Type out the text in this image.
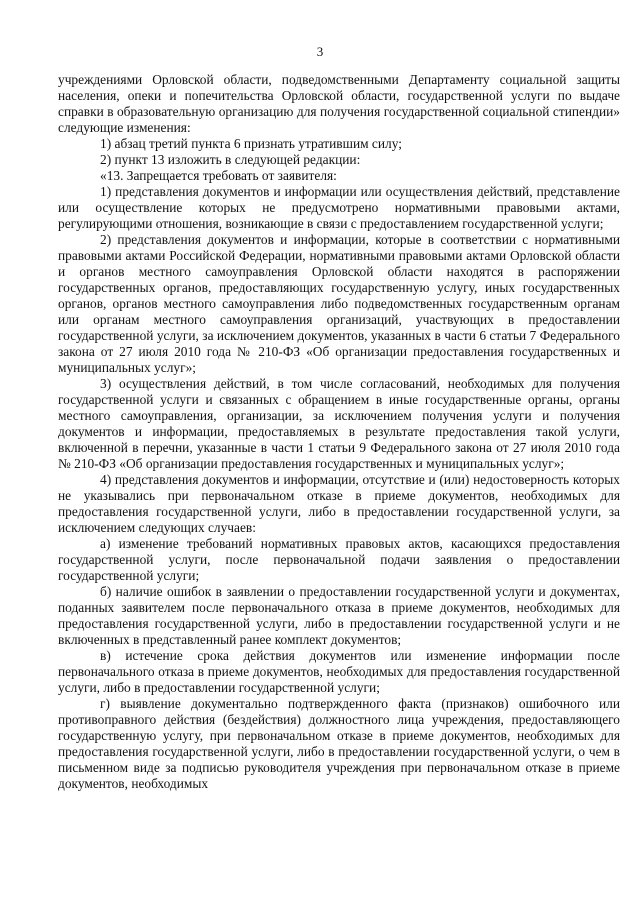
3

учреждениями Орловской области, подведомственными Департаменту социальной защиты населения, опеки и попечительства Орловской области, государственной услуги по выдаче справки в образовательную организацию для получения государственной социальной стипендии» следующие изменения:

1) абзац третий пункта 6 признать утратившим силу;

2) пункт 13 изложить в следующей редакции:

«13. Запрещается требовать от заявителя:

1) представления документов и информации или осуществления действий, представление или осуществление которых не предусмотрено нормативными правовыми актами, регулирующими отношения, возникающие в связи с предоставлением государственной услуги;

2) представления документов и информации, которые в соответствии с нормативными правовыми актами Российской Федерации, нормативными правовыми актами Орловской области и органов местного самоуправления Орловской области находятся в распоряжении государственных органов, предоставляющих государственную услугу, иных государственных органов, органов местного самоуправления либо подведомственных государственным органам или органам местного самоуправления организаций, участвующих в предоставлении государственной услуги, за исключением документов, указанных в части 6 статьи 7 Федерального закона от 27 июля 2010 года № 210-ФЗ «Об организации предоставления государственных и муниципальных услуг»;

3) осуществления действий, в том числе согласований, необходимых для получения государственной услуги и связанных с обращением в иные государственные органы, органы местного самоуправления, организации, за исключением получения услуги и получения документов и информации, предоставляемых в результате предоставления такой услуги, включенной в перечни, указанные в части 1 статьи 9 Федерального закона от 27 июля 2010 года № 210-ФЗ «Об организации предоставления государственных и муниципальных услуг»;

4) представления документов и информации, отсутствие и (или) недостоверность которых не указывались при первоначальном отказе в приеме документов, необходимых для предоставления государственной услуги, либо в предоставлении государственной услуги, за исключением следующих случаев:

а) изменение требований нормативных правовых актов, касающихся предоставления государственной услуги, после первоначальной подачи заявления о предоставлении государственной услуги;

б) наличие ошибок в заявлении о предоставлении государственной услуги и документах, поданных заявителем после первоначального отказа в приеме документов, необходимых для предоставления государственной услуги, либо в предоставлении государственной услуги и не включенных в представленный ранее комплект документов;

в) истечение срока действия документов или изменение информации после первоначального отказа в приеме документов, необходимых для предоставления государственной услуги, либо в предоставлении государственной услуги;

г) выявление документально подтвержденного факта (признаков) ошибочного или противоправного действия (бездействия) должностного лица учреждения, предоставляющего государственную услугу, при первоначальном отказе в приеме документов, необходимых для предоставления государственной услуги, либо в предоставлении государственной услуги, о чем в письменном виде за подписью руководителя учреждения при первоначальном отказе в приеме документов, необходимых
